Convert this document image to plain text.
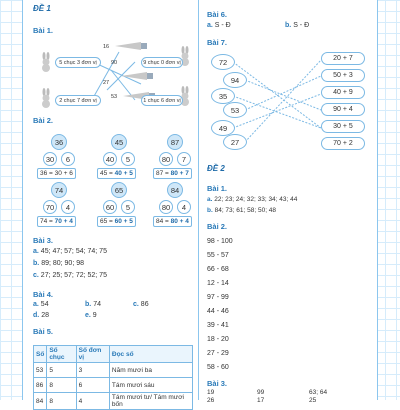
ĐỀ 1
Bài 1.
5 chục 3 đơn vị	9 chục 0 đơn vị
2 chục 7 đơn vị	1 chục 6 đơn vị
16
90
27
53
Bài 2.
36
30	6
36 = 30 + 6
45
40	5
45 = 40 + 5
87
80	7
87 = 80 + 7
74
70	4
74 = 70 + 4
65
60	5
65 = 60 + 5
84
80	4
84 = 80 + 4
Bài 3.
a. 45; 47; 57; 54; 74; 75
b. 89; 80; 90; 98
c. 27; 25; 57; 72; 52; 75
Bài 4.
a. 54	b. 74	c. 86
d. 28	e. 9
Bài 5.
Số	Số chục	Số đơn vị	Đọc số
53	5	3	Năm mươi ba
86	8	6	Tám mươi sáu
84	8	4	Tám mươi tư/ Tám mươi bốn
Bài 6.
a. S - Đ	b. S - Đ
Bài 7.
72
94
35
53
49
27
20 + 7
50 + 3
40 + 9
90 + 4
30 + 5
70 + 2
ĐỀ 2
Bài 1.
a. 22; 23; 24; 32; 33; 34; 43; 44
b. 84; 73; 61; 58; 50; 48
Bài 2.
98 - 100
55 - 57
66 - 68
12 - 14
97 - 99
44 - 46
39 - 41
18 - 20
27 - 29
58 - 60
Bài 3.
19	99	63; 64
26	17	25
